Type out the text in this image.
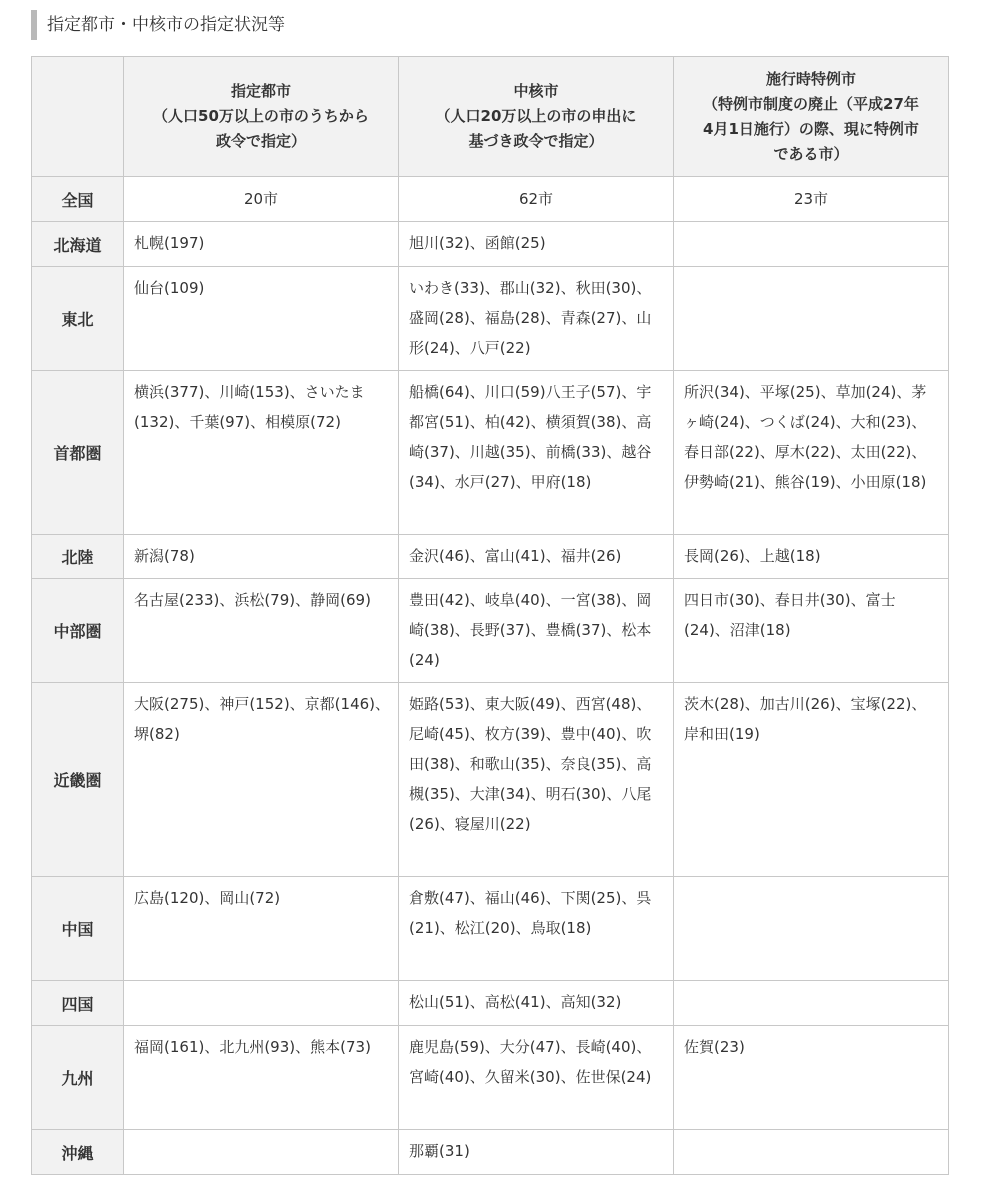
指定都市・中核市の指定状況等

	指定都市
（人口50万以上の市のうちから
政令で指定）	中核市
（人口20万以上の市の申出に
基づき政令で指定）	施行時特例市
（特例市制度の廃止（平成27年
4月1日施行）の際、現に特例市
である市）

全国	20市	62市	23市
北海道	札幌(197)	旭川(32)、函館(25)	
東北	仙台(109)	いわき(33)、郡山(32)、秋田(30)、盛岡(28)、福島(28)、青森(27)、山形(24)、八戸(22)	
首都圏	横浜(377)、川崎(153)、さいたま(132)、千葉(97)、相模原(72)	船橋(64)、川口(59)八王子(57)、宇都宮(51)、柏(42)、横須賀(38)、高崎(37)、川越(35)、前橋(33)、越谷(34)、水戸(27)、甲府(18)	所沢(34)、平塚(25)、草加(24)、茅ヶ崎(24)、つくば(24)、大和(23)、春日部(22)、厚木(22)、太田(22)、伊勢崎(21)、熊谷(19)、小田原(18)
北陸	新潟(78)	金沢(46)、富山(41)、福井(26)	長岡(26)、上越(18)
中部圏	名古屋(233)、浜松(79)、静岡(69)	豊田(42)、岐阜(40)、一宮(38)、岡崎(38)、長野(37)、豊橋(37)、松本(24)	四日市(30)、春日井(30)、富士(24)、沼津(18)
近畿圏	大阪(275)、神戸(152)、京都(146)、堺(82)	姫路(53)、東大阪(49)、西宮(48)、尼崎(45)、枚方(39)、豊中(40)、吹田(38)、和歌山(35)、奈良(35)、高槻(35)、大津(34)、明石(30)、八尾(26)、寝屋川(22)	茨木(28)、加古川(26)、宝塚(22)、岸和田(19)
中国	広島(120)、岡山(72)	倉敷(47)、福山(46)、下関(25)、呉(21)、松江(20)、鳥取(18)	
四国		松山(51)、高松(41)、高知(32)	
九州	福岡(161)、北九州(93)、熊本(73)	鹿児島(59)、大分(47)、長崎(40)、宮崎(40)、久留米(30)、佐世保(24)	佐賀(23)
沖縄		那覇(31)	
